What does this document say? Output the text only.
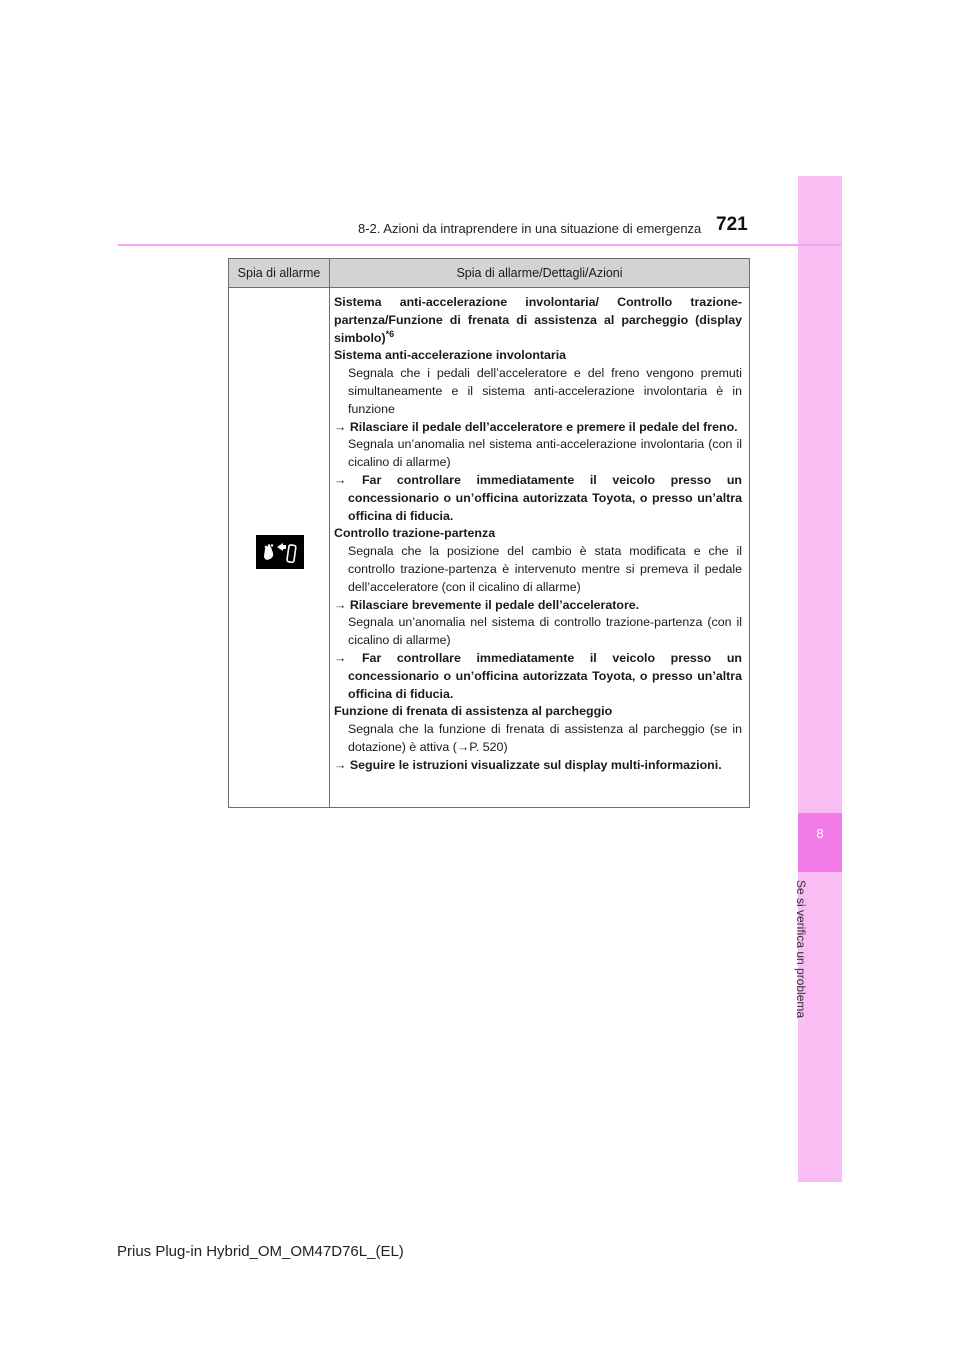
8
Se si verifica un problema
8-2. Azioni da intraprendere in una situazione di emergenza 721
Spia di allarme	Spia di allarme/Dettagli/Azioni

Sistema anti-accelerazione involontaria/ Controllo trazione-partenza/Funzione di frenata di assistenza al parcheggio (display simbolo)$^{*6}$

Sistema anti-accelerazione involontaria

Segnala che i pedali dell’acceleratore e del freno vengono premuti simultaneamente e il sistema anti-accelerazione involontaria è in funzione

→ Rilasciare il pedale dell’acceleratore e premere il pedale del freno.

Segnala un’anomalia nel sistema anti-accelerazione involontaria (con il cicalino di allarme)

→ Far controllare immediatamente il veicolo presso un concessionario o un’officina autorizzata Toyota, o presso un’altra officina di fiducia.

Controllo trazione-partenza

Segnala che la posizione del cambio è stata modificata e che il controllo trazione-partenza è intervenuto mentre si premeva il pedale dell’acceleratore (con il cicalino di allarme)

→ Rilasciare brevemente il pedale dell’acceleratore.

Segnala un’anomalia nel sistema di controllo trazione-partenza (con il cicalino di allarme)

→ Far controllare immediatamente il veicolo presso un concessionario o un’officina autorizzata Toyota, o presso un’altra officina di fiducia.

Funzione di frenata di assistenza al parcheggio

Segnala che la funzione di frenata di assistenza al parcheggio (se in dotazione) è attiva (→P. 520)

→ Seguire le istruzioni visualizzate sul display multi-informazioni.

Prius Plug-in Hybrid_OM_OM47D76L_(EL)
